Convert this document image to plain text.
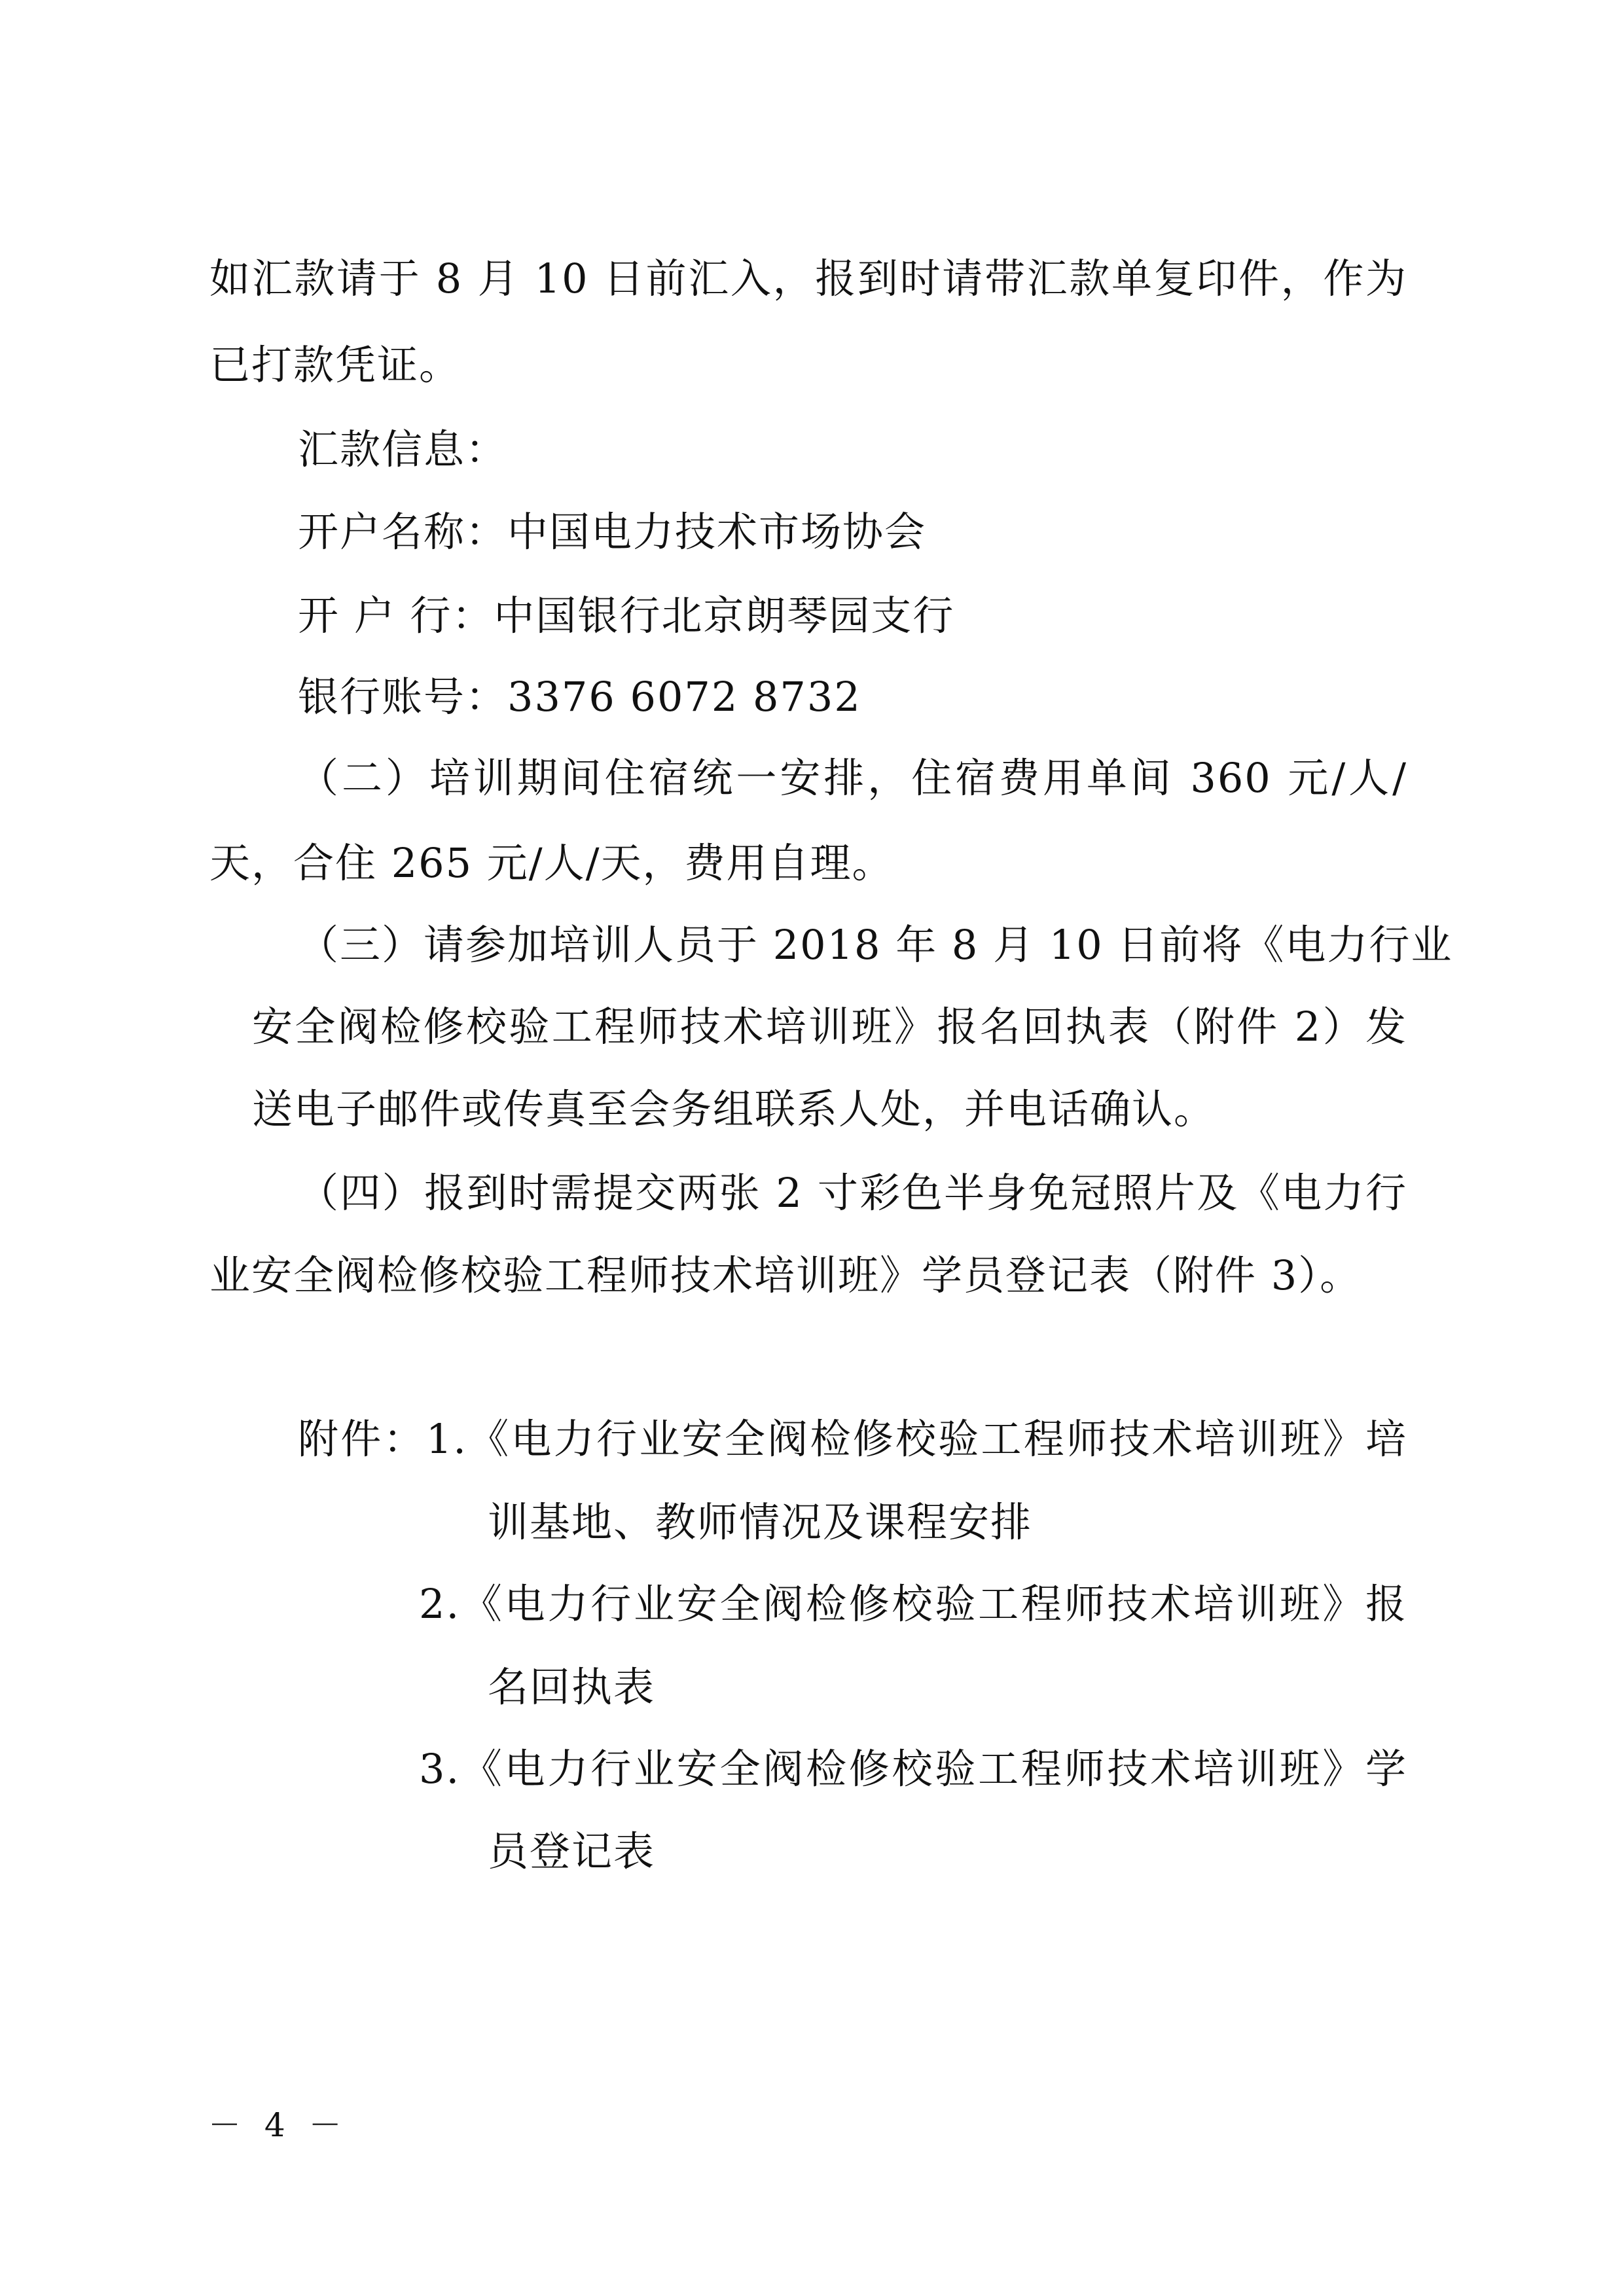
如汇款请于 8 月 10 日前汇入，报到时请带汇款单复印件，作为
已打款凭证。
汇款信息：
开户名称：中国电力技术市场协会
开 户 行：中国银行北京朗琴园支行
银行账号：3376 6072 8732
（二）培训期间住宿统一安排，住宿费用单间 360 元/人/
天，合住 265 元/人/天，费用自理。
（三）请参加培训人员于 2018 年 8 月 10 日前将《电力行业
安全阀检修校验工程师技术培训班》报名回执表（附件 2）发
送电子邮件或传真至会务组联系人处，并电话确认。
（四）报到时需提交两张 2 寸彩色半身免冠照片及《电力行
业安全阀检修校验工程师技术培训班》学员登记表（附件 3）。
附件：1.《电力行业安全阀检修校验工程师技术培训班》培
训基地、教师情况及课程安排
2.《电力行业安全阀检修校验工程师技术培训班》报
名回执表
3.《电力行业安全阀检修校验工程师技术培训班》学
员登记表
－ 4 －
